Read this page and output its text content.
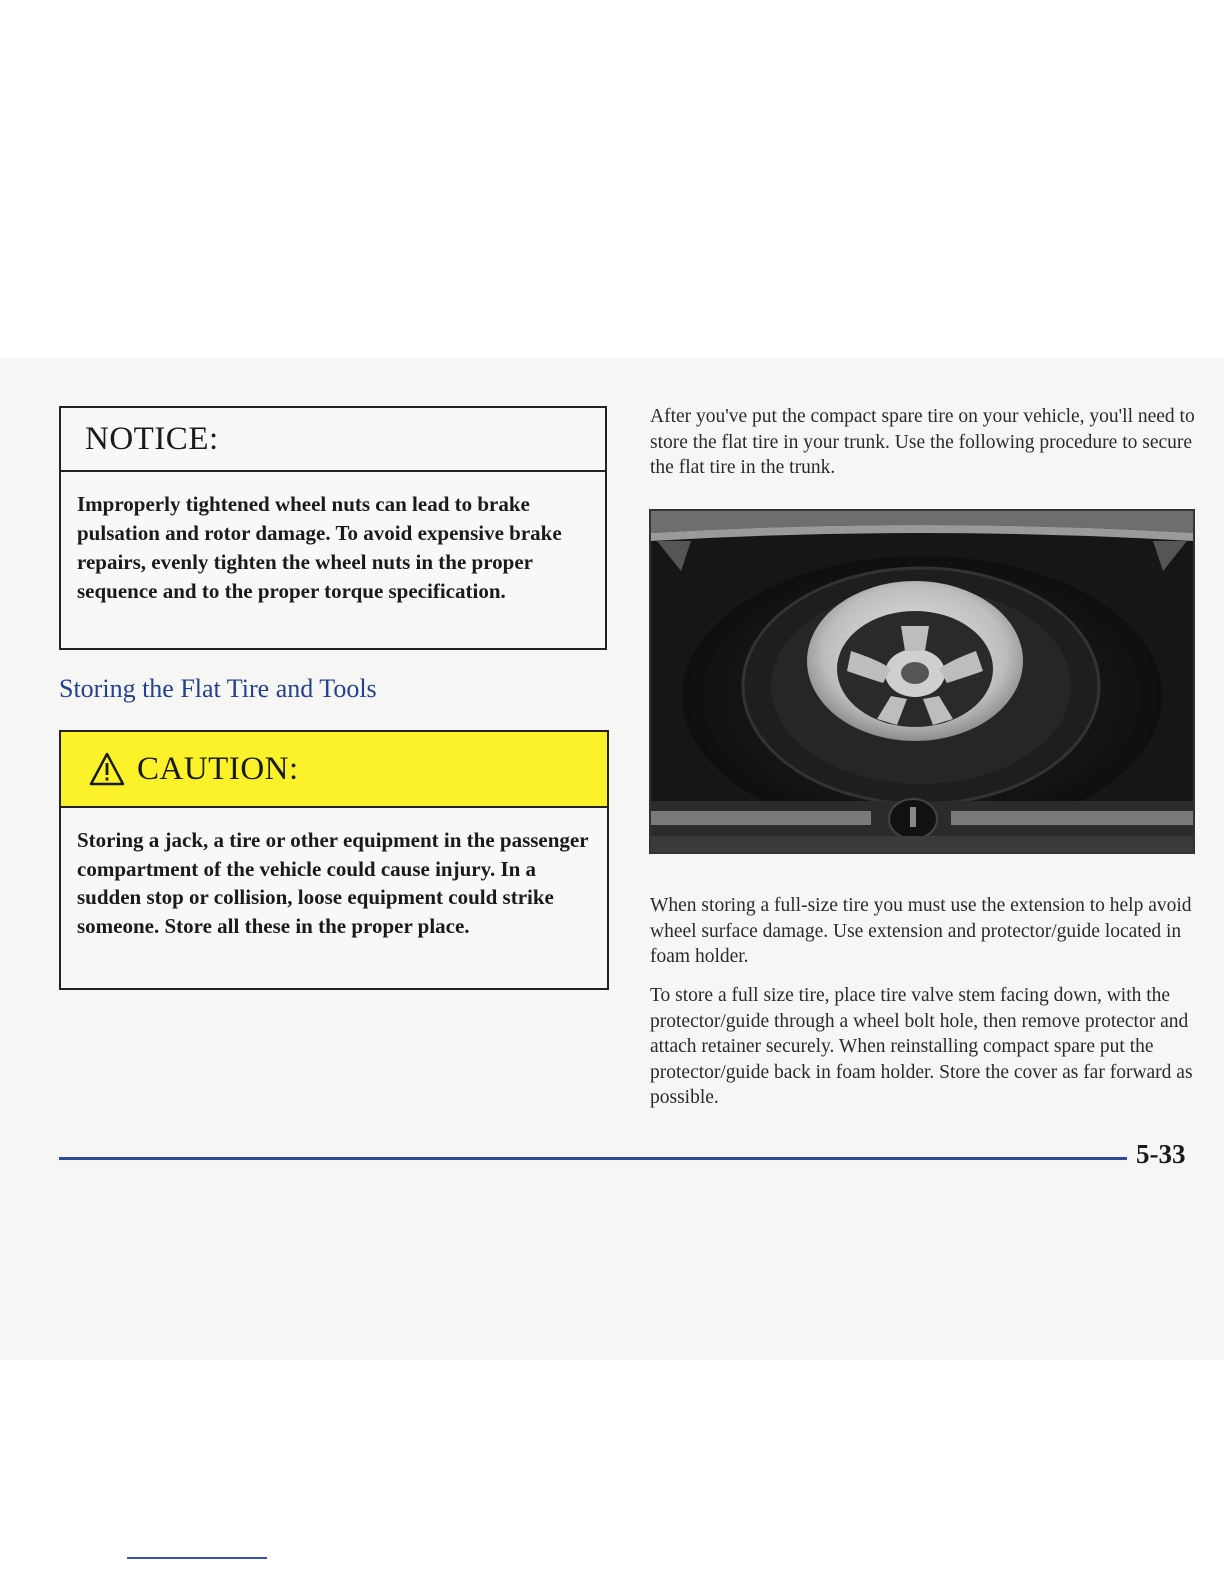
NOTICE:
Improperly tightened wheel nuts can lead to brake pulsation and rotor damage. To avoid expensive brake repairs, evenly tighten the wheel nuts in the proper sequence and to the proper torque specification.
Storing the Flat Tire and Tools
CAUTION:
Storing a jack, a tire or other equipment in the passenger compartment of the vehicle could cause injury. In a sudden stop or collision, loose equipment could strike someone. Store all these in the proper place.

After you've put the compact spare tire on your vehicle, you'll need to store the flat tire in your trunk. Use the following procedure to secure the flat tire in the trunk.

When storing a full-size tire you must use the extension to help avoid wheel surface damage. Use extension and protector/guide located in foam holder.

To store a full size tire, place tire valve stem facing down, with the protector/guide through a wheel bolt hole, then remove protector and attach retainer securely. When reinstalling compact spare put the protector/guide back in foam holder. Store the cover as far forward as possible.

5-33
